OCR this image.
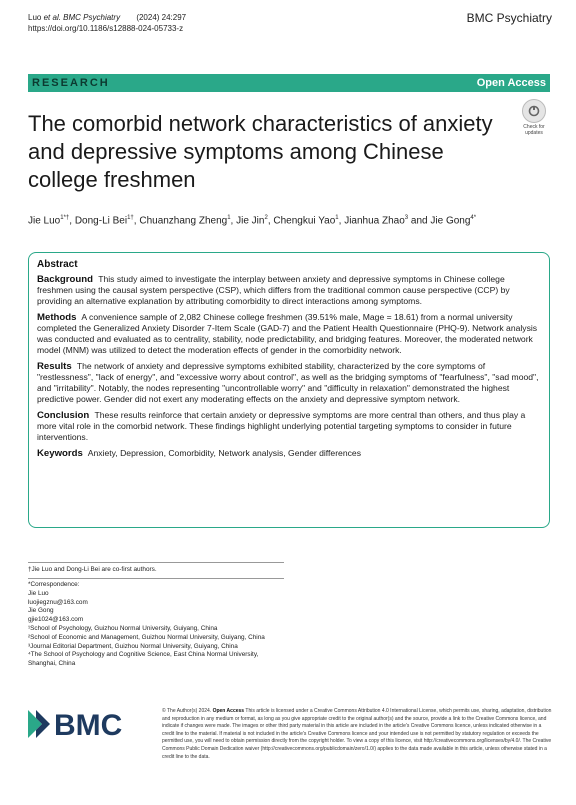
Luo et al. BMC Psychiatry (2024) 24:297
https://doi.org/10.1186/s12888-024-05733-z
BMC Psychiatry
RESEARCH	Open Access
The comorbid network characteristics of anxiety and depressive symptoms among Chinese college freshmen
Check for
updates
Jie Luo$^{1*\dagger}$, Dong-Li Bei$^{1\dagger}$, Chuanzhang Zheng$^1$, Jie Jin$^2$, Chengkui Yao$^1$, Jianhua Zhao$^3$ and Jie Gong$^{4*}$
Abstract

Background This study aimed to investigate the interplay between anxiety and depressive symptoms in Chinese college freshmen using the causal system perspective (CSP), which differs from the traditional common cause perspective (CCP) by providing an alternative explanation by attributing comorbidity to direct interactions among symptoms.

Methods A convenience sample of 2,082 Chinese college freshmen (39.51% male, Mage = 18.61) from a normal university completed the Generalized Anxiety Disorder 7-Item Scale (GAD-7) and the Patient Health Questionnaire (PHQ-9). Network analysis was conducted and evaluated as to centrality, stability, node predictability, and bridging features. Moreover, the moderated network model (MNM) was utilized to detect the moderation effects of gender in the comorbidity network.

Results The network of anxiety and depressive symptoms exhibited stability, characterized by the core symptoms of "restlessness", "lack of energy", and "excessive worry about control", as well as the bridging symptoms of "fearfulness", "sad mood", and "irritability". Notably, the nodes representing "uncontrollable worry" and "difficulty in relaxation" demonstrated the highest predictive power. Gender did not exert any moderating effects on the anxiety and depressive symptom network.

Conclusion These results reinforce that certain anxiety or depressive symptoms are more central than others, and thus play a more vital role in the comorbid network. These findings highlight underlying potential targeting symptoms to consider in future interventions.

Keywords Anxiety, Depression, Comorbidity, Network analysis, Gender differences

†Jie Luo and Dong-Li Bei are co-first authors.
*Correspondence:
Jie Luo
luojiegznu@163.com
Jie Gong
gjie1024@163.com
¹School of Psychology, Guizhou Normal University, Guiyang, China
²School of Economic and Management, Guizhou Normal University, Guiyang, China
³Journal Editorial Department, Guizhou Normal University, Guiyang, China
⁴The School of Psychology and Cognitive Science, East China Normal University, Shanghai, China
BMC	© The Author(s) 2024. Open Access This article is licensed under a Creative Commons Attribution 4.0 International License, which permits use, sharing, adaptation, distribution and reproduction in any medium or format, as long as you give appropriate credit to the original author(s) and the source, provide a link to the Creative Commons licence, and indicate if changes were made. The images or other third party material in this article are included in the article's Creative Commons licence, unless indicated otherwise in a credit line to the material. If material is not included in the article's Creative Commons licence and your intended use is not permitted by statutory regulation or exceeds the permitted use, you will need to obtain permission directly from the copyright holder. To view a copy of this licence, visit http://creativecommons.org/licenses/by/4.0/. The Creative Commons Public Domain Dedication waiver (http://creativecommons.org/publicdomain/zero/1.0/) applies to the data made available in this article, unless otherwise stated in a credit line to the data.
